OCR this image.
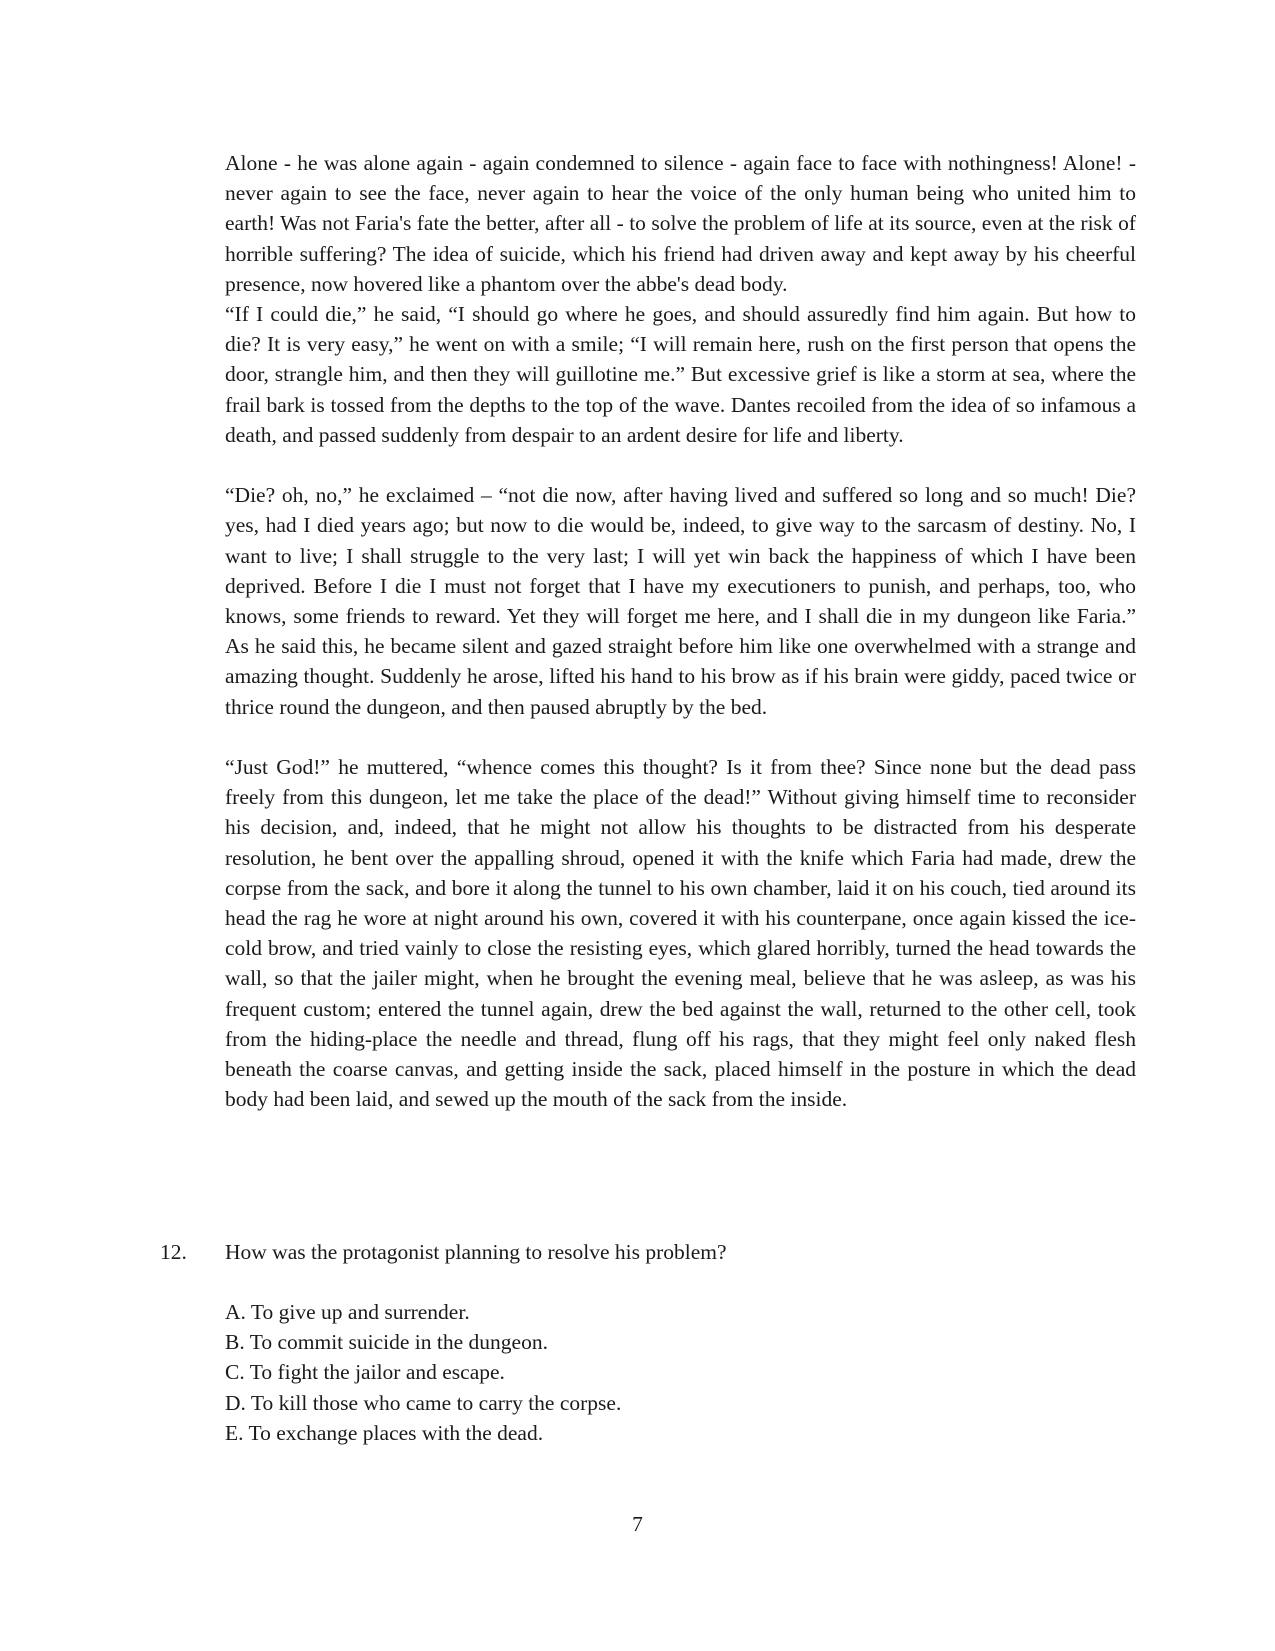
Alone - he was alone again - again condemned to silence - again face to face with nothingness! Alone! - never again to see the face, never again to hear the voice of the only human being who united him to earth! Was not Faria's fate the better, after all - to solve the problem of life at its source, even at the risk of horrible suffering? The idea of suicide, which his friend had driven away and kept away by his cheerful presence, now hovered like a phantom over the abbe's dead body.

“If I could die,” he said, “I should go where he goes, and should assuredly find him again. But how to die? It is very easy,” he went on with a smile; “I will remain here, rush on the first person that opens the door, strangle him, and then they will guillotine me.” But excessive grief is like a storm at sea, where the frail bark is tossed from the depths to the top of the wave. Dantes recoiled from the idea of so infamous a death, and passed suddenly from despair to an ardent desire for life and liberty.

“Die? oh, no,” he exclaimed – “not die now, after having lived and suffered so long and so much! Die? yes, had I died years ago; but now to die would be, indeed, to give way to the sarcasm of destiny. No, I want to live; I shall struggle to the very last; I will yet win back the happiness of which I have been deprived. Before I die I must not forget that I have my executioners to punish, and perhaps, too, who knows, some friends to reward. Yet they will forget me here, and I shall die in my dungeon like Faria.” As he said this, he became silent and gazed straight before him like one overwhelmed with a strange and amazing thought. Suddenly he arose, lifted his hand to his brow as if his brain were giddy, paced twice or thrice round the dungeon, and then paused abruptly by the bed.

“Just God!” he muttered, “whence comes this thought? Is it from thee? Since none but the dead pass freely from this dungeon, let me take the place of the dead!” Without giving himself time to reconsider his decision, and, indeed, that he might not allow his thoughts to be distracted from his desperate resolution, he bent over the appalling shroud, opened it with the knife which Faria had made, drew the corpse from the sack, and bore it along the tunnel to his own chamber, laid it on his couch, tied around its head the rag he wore at night around his own, covered it with his counterpane, once again kissed the ice-cold brow, and tried vainly to close the resisting eyes, which glared horribly, turned the head towards the wall, so that the jailer might, when he brought the evening meal, believe that he was asleep, as was his frequent custom; entered the tunnel again, drew the bed against the wall, returned to the other cell, took from the hiding-place the needle and thread, flung off his rags, that they might feel only naked flesh beneath the coarse canvas, and getting inside the sack, placed himself in the posture in which the dead body had been laid, and sewed up the mouth of the sack from the inside.

12. How was the protagonist planning to resolve his problem?
A. To give up and surrender.
B. To commit suicide in the dungeon.
C. To fight the jailor and escape.
D. To kill those who came to carry the corpse.
E. To exchange places with the dead.
7
